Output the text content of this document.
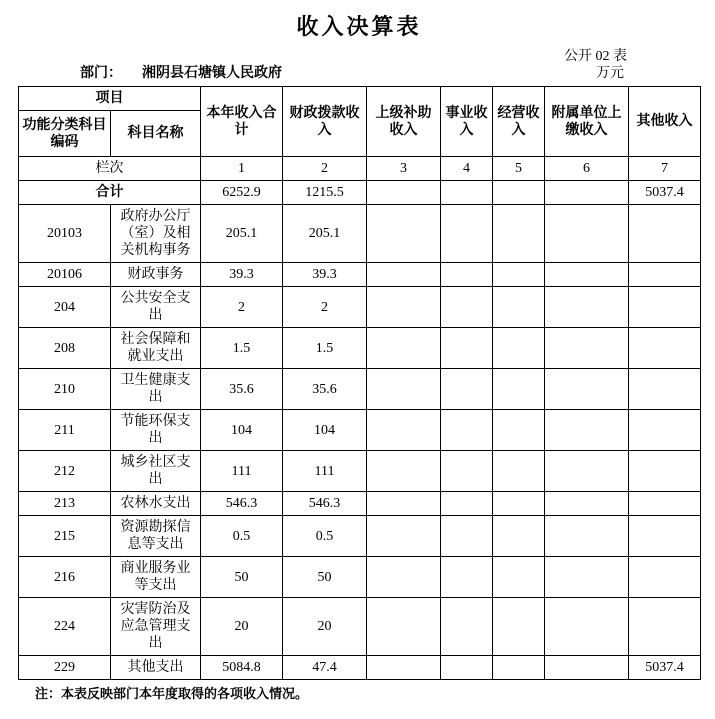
收入决算表
公开 02 表
部门： 湘阴县石塘镇人民政府	万元
项目		本年收入合计	财政拨款收入	上级补助收入	事业收入	经营收入	附属单位上缴收入	其他收入
功能分类科目编码	科目名称							
栏次		1	2	3	4	5	6	7
合计		6252.9	1215.5					5037.4
20103	政府办公厅（室）及相关机构事务	205.1	205.1					
20106	财政事务	39.3	39.3					
204	公共安全支出	2	2					
208	社会保障和就业支出	1.5	1.5					
210	卫生健康支出	35.6	35.6					
211	节能环保支出	104	104					
212	城乡社区支出	111	111					
213	农林水支出	546.3	546.3					
215	资源勘探信息等支出	0.5	0.5					
216	商业服务业等支出	50	50					
224	灾害防治及应急管理支出	20	20					
229	其他支出	5084.8	47.4					5037.4
注：本表反映部门本年度取得的各项收入情况。
